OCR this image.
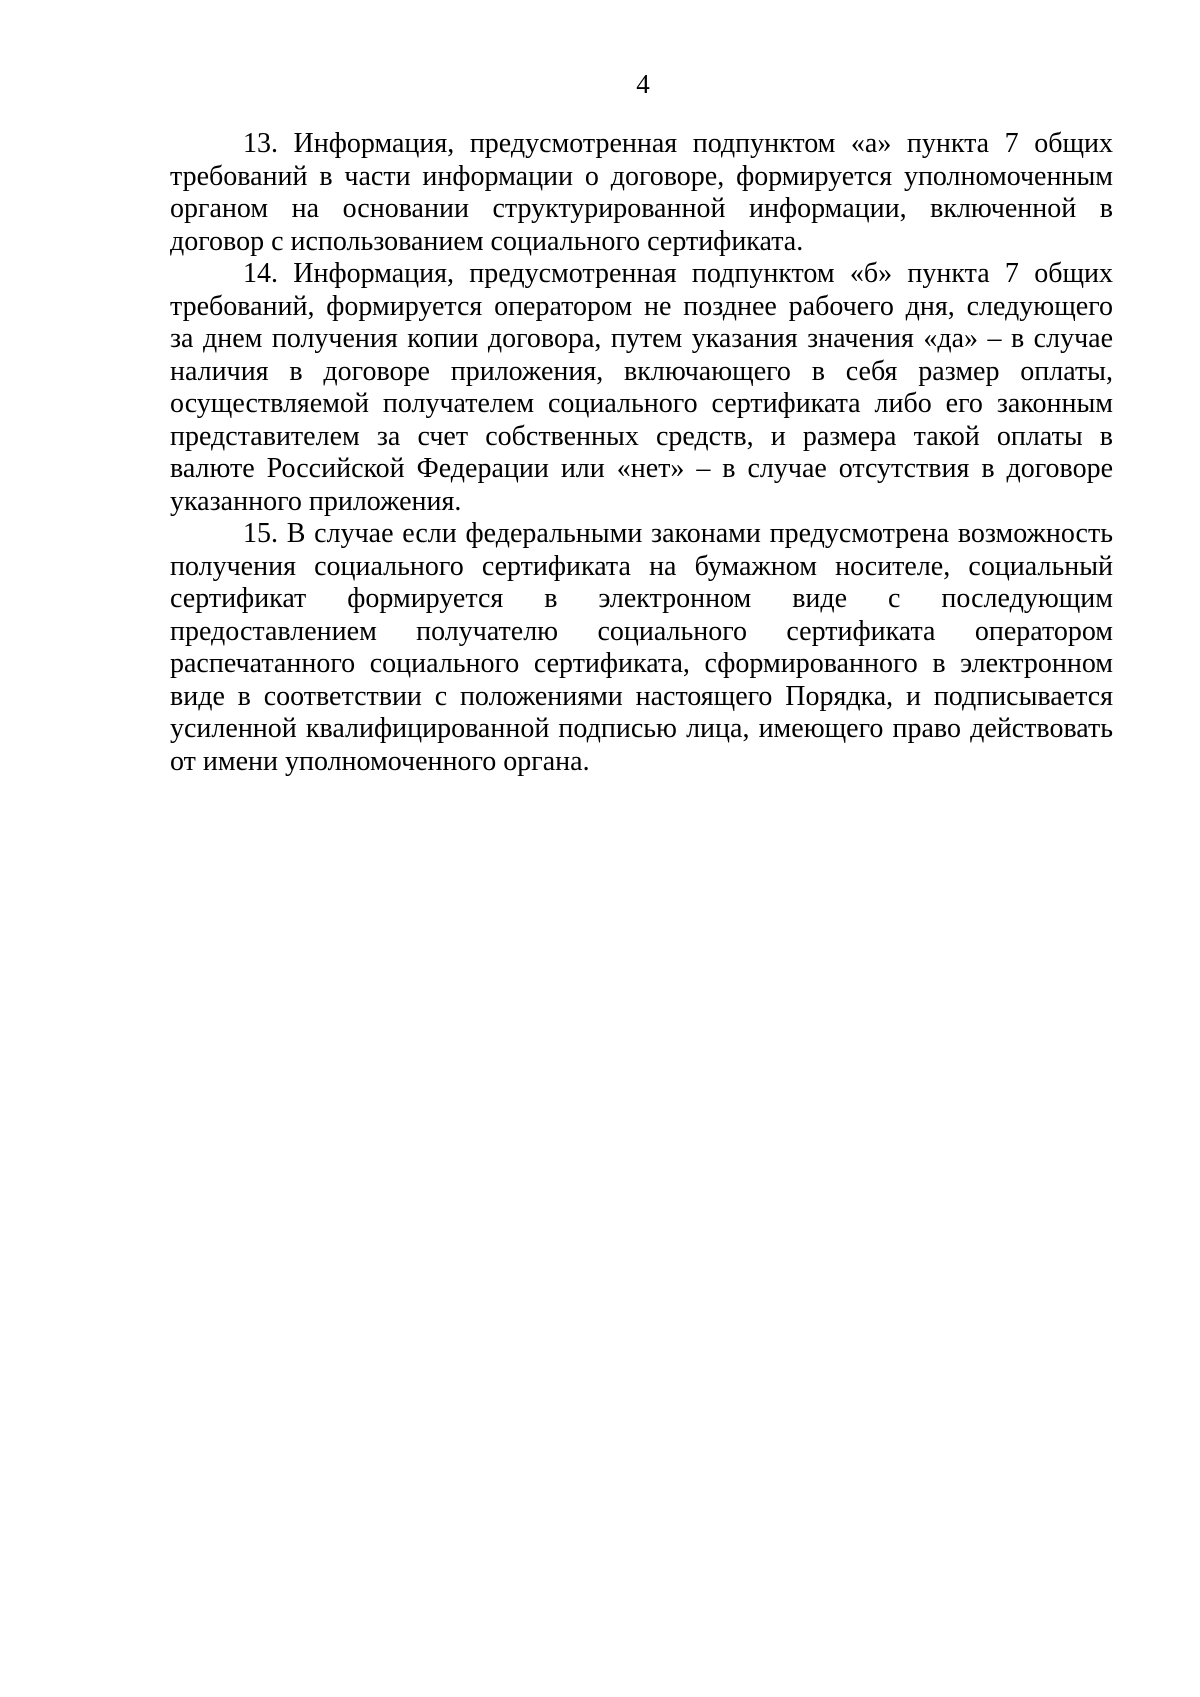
4
13. Информация, предусмотренная подпунктом «а» пункта 7 общих
требований в части информации о договоре, формируется уполномоченным
органом на основании структурированной информации, включенной в
договор с использованием социального сертификата.
14. Информация, предусмотренная подпунктом «б» пункта 7 общих
требований, формируется оператором не позднее рабочего дня, следующего
за днем получения копии договора, путем указания значения «да» – в случае
наличия в договоре приложения, включающего в себя размер оплаты,
осуществляемой получателем социального сертификата либо его законным
представителем за счет собственных средств, и размера такой оплаты в
валюте Российской Федерации или «нет» – в случае отсутствия в договоре
указанного приложения.
15. В случае если федеральными законами предусмотрена возможность
получения социального сертификата на бумажном носителе, социальный
сертификат формируется в электронном виде с последующим
предоставлением получателю социального сертификата оператором
распечатанного социального сертификата, сформированного в электронном
виде в соответствии с положениями настоящего Порядка, и подписывается
усиленной квалифицированной подписью лица, имеющего право действовать
от имени уполномоченного органа.
